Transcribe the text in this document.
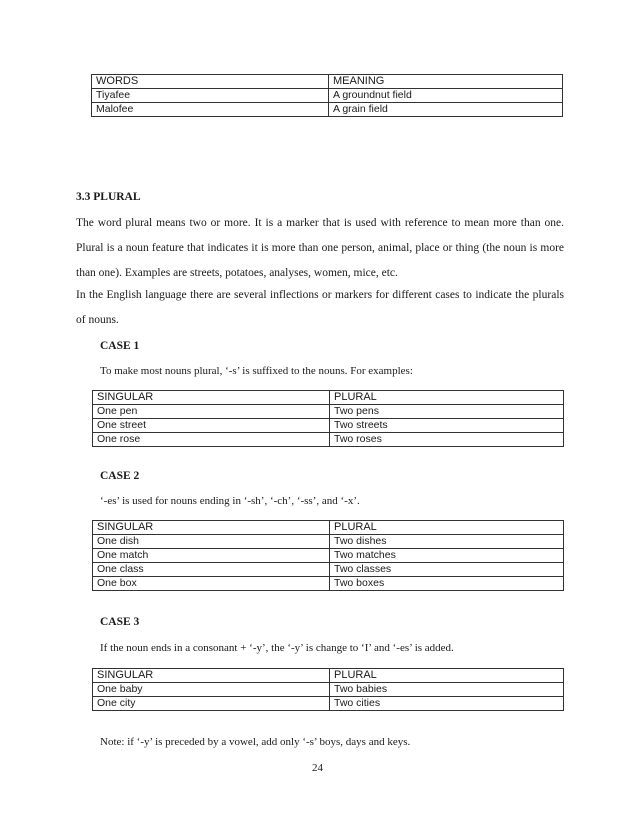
WORDS	MEANING
Tiyafee	A groundnut field
Malofee	A grain field
3.3 PLURAL
The word plural means two or more. It is a marker that is used with reference to mean more than one. Plural is a noun feature that indicates it is more than one person, animal, place or thing (the noun is more than one). Examples are streets, potatoes, analyses, women, mice, etc.
In the English language there are several inflections or markers for different cases to indicate the plurals of nouns.
CASE 1
To make most nouns plural, ‘-s’ is suffixed to the nouns. For examples:
SINGULAR	PLURAL
One pen	Two pens
One street	Two streets
One rose	Two roses
CASE 2
‘-es’ is used for nouns ending in ‘-sh’, ‘-ch’, ‘-ss’, and ‘-x’.
SINGULAR	PLURAL
One dish	Two dishes
One match	Two matches
One class	Two classes
One box	Two boxes
CASE 3
If the noun ends in a consonant + ‘-y’, the ‘-y’ is change to ‘I’ and ‘-es’ is added.
SINGULAR	PLURAL
One baby	Two babies
One city	Two cities
Note: if ‘-y’ is preceded by a vowel, add only ‘-s’ boys, days and keys.
24
